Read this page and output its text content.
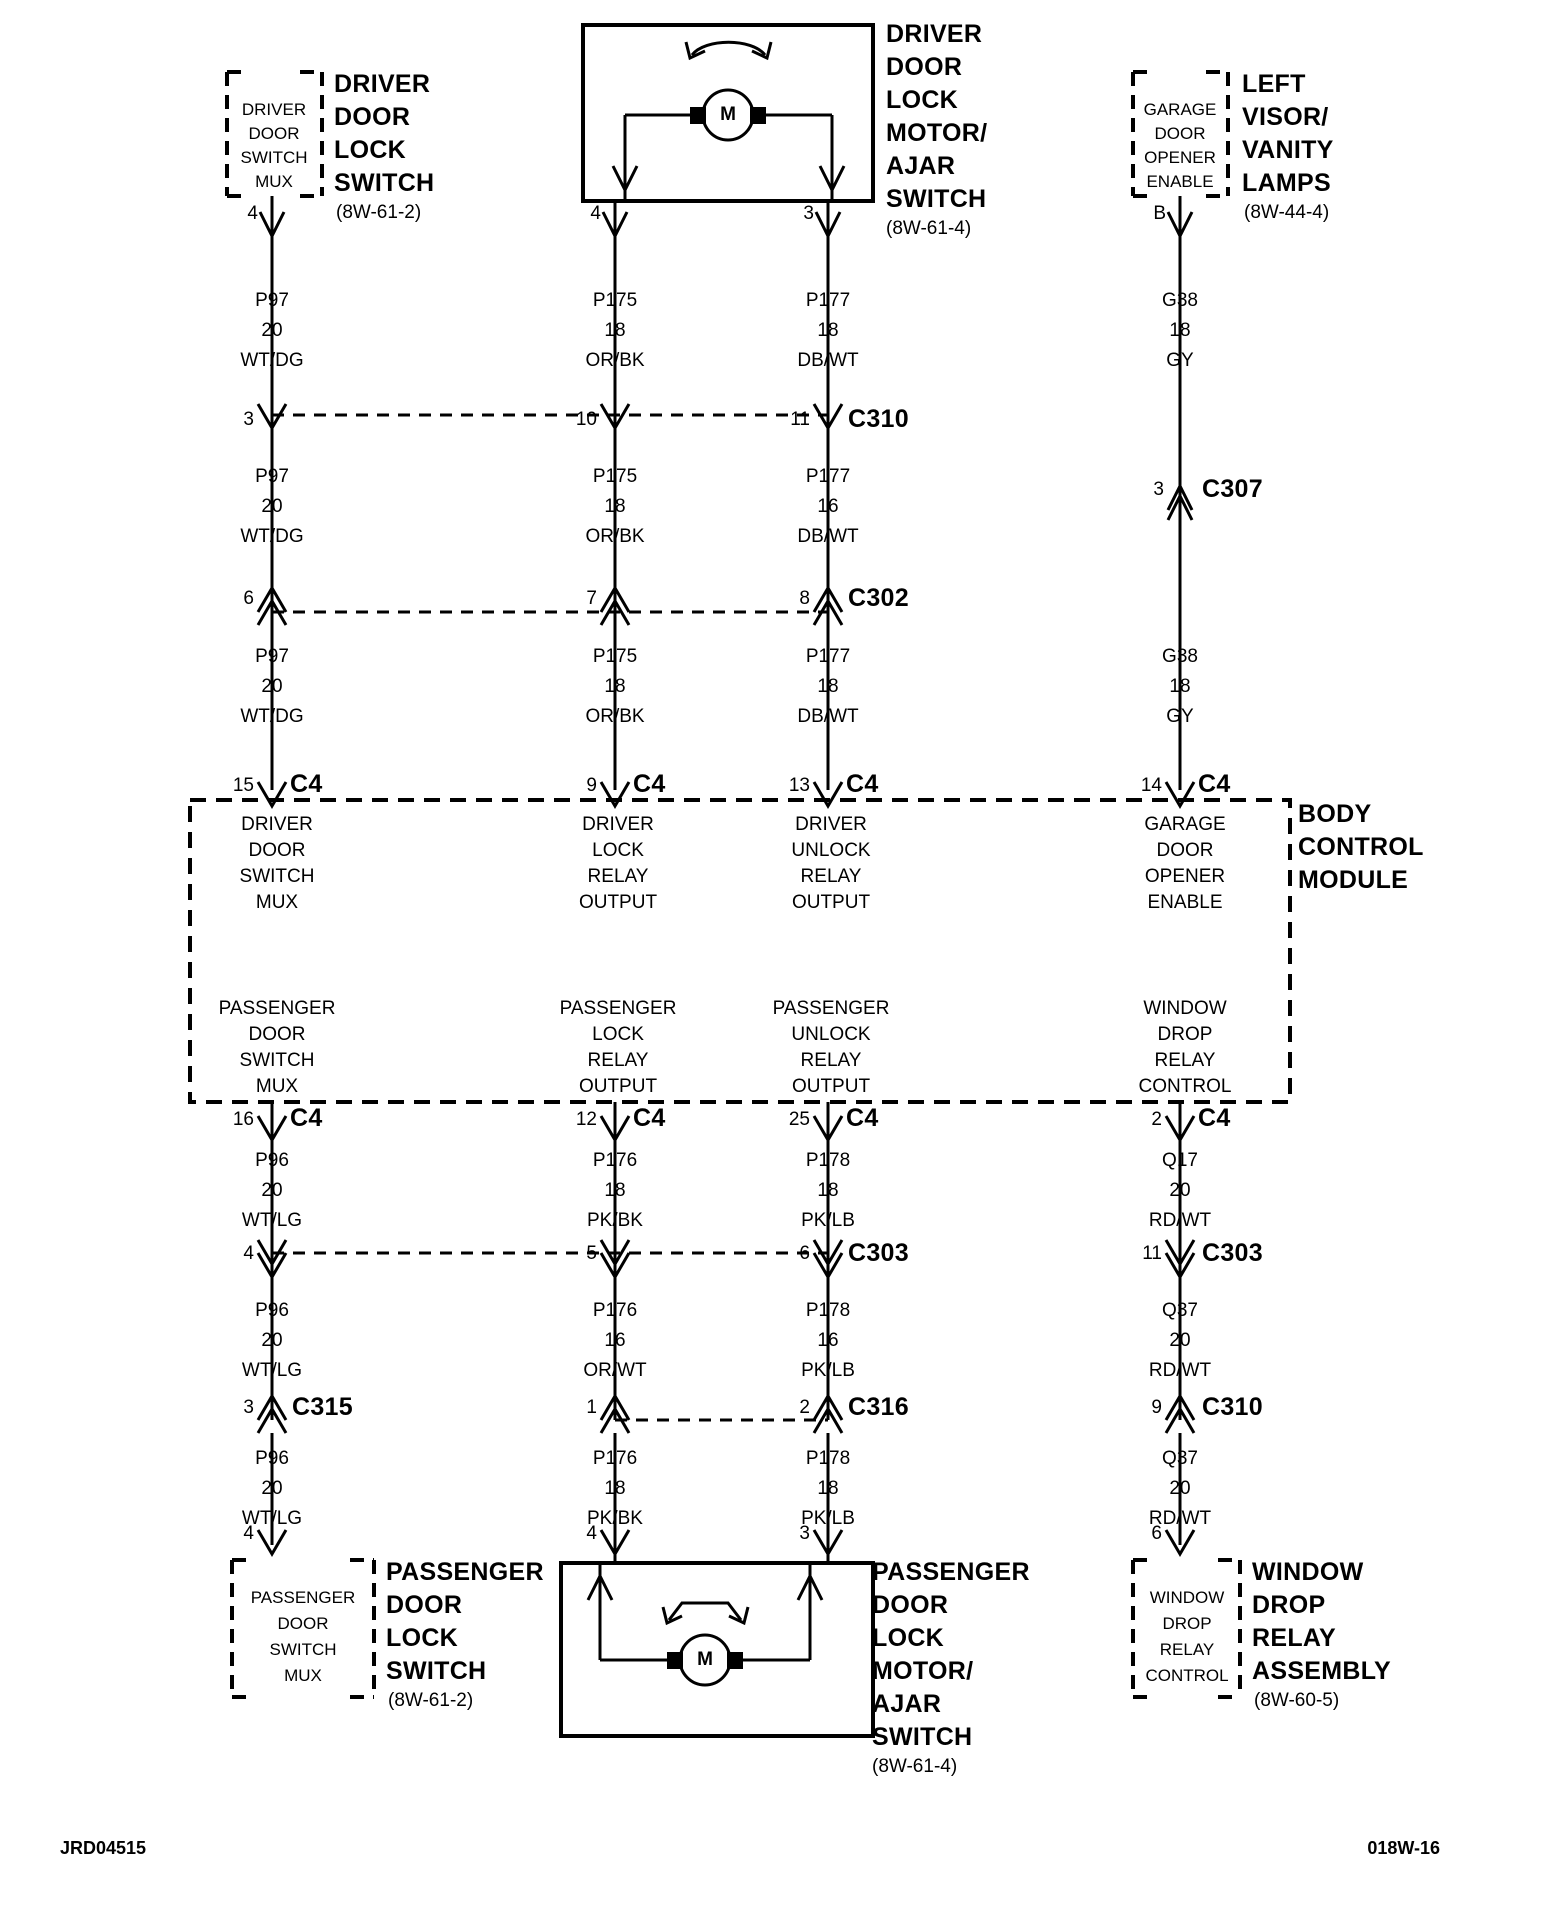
DRIVER
DOOR
SWITCH
MUX
DRIVER
DOOR
LOCK
SWITCH
(8W-61-2)
4
M
DRIVER
DOOR
LOCK
MOTOR/
AJAR
SWITCH
(8W-61-4)
4	3
GARAGE
DOOR
OPENER
ENABLE
LEFT
VISOR/
VANITY
LAMPS
(8W-44-4)
B
P97
20
WT/DG
P175
18
OR/BK
P177
18
DB/WT
G38
18
GY
3	10	11 C310
3 C307
P97
20
WT/DG
P175
18
OR/BK
P177
16
DB/WT
6	7	8 C302
P97
20
WT/DG
P175
18
OR/BK
P177
18
DB/WT
G38
18
GY
15 C4	9 C4	13 C4	14 C4
DRIVER
DOOR
SWITCH
MUX
DRIVER
LOCK
RELAY
OUTPUT
DRIVER
UNLOCK
RELAY
OUTPUT
GARAGE
DOOR
OPENER
ENABLE
BODY
CONTROL
MODULE
PASSENGER
DOOR
SWITCH
MUX
PASSENGER
LOCK
RELAY
OUTPUT
PASSENGER
UNLOCK
RELAY
OUTPUT
WINDOW
DROP
RELAY
CONTROL
16 C4	12 C4	25 C4	2 C4
P96
20
WT/LG
P176
18
PK/BK
P178
18
PK/LB
Q17
20
RD/WT
4	5	6 C303	11 C303
P96
20
WT/LG
P176
16
OR/WT
P178
16
PK/LB
Q37
20
RD/WT
3 C315	1	2 C316	9 C310
P96
20
WT/LG
P176
18
PK/BK
P178
18
PK/LB
Q37
20
RD/WT
4	4	3	6
PASSENGER
DOOR
SWITCH
MUX
PASSENGER
DOOR
LOCK
SWITCH
(8W-61-2)
M
PASSENGER
DOOR
LOCK
MOTOR/
AJAR
SWITCH
(8W-61-4)
WINDOW
DROP
RELAY
CONTROL
WINDOW
DROP
RELAY
ASSEMBLY
(8W-60-5)
JRD04515	018W-16
